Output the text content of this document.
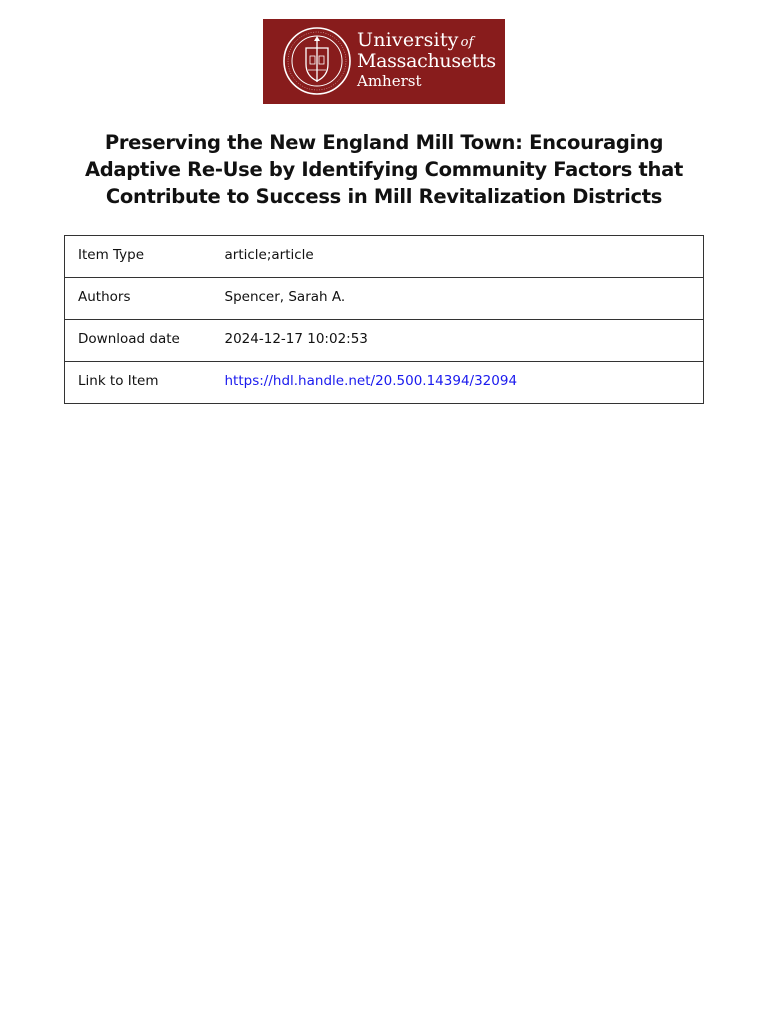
University of
Massachusetts
Amherst
Preserving the New England Mill Town: Encouraging Adaptive Re-Use by Identifying Community Factors that Contribute to Success in Mill Revitalization Districts
Item Type	article;article
Authors	Spencer, Sarah A.
Download date	2024-12-17 10:02:53
Link to Item	https://hdl.handle.net/20.500.14394/32094
